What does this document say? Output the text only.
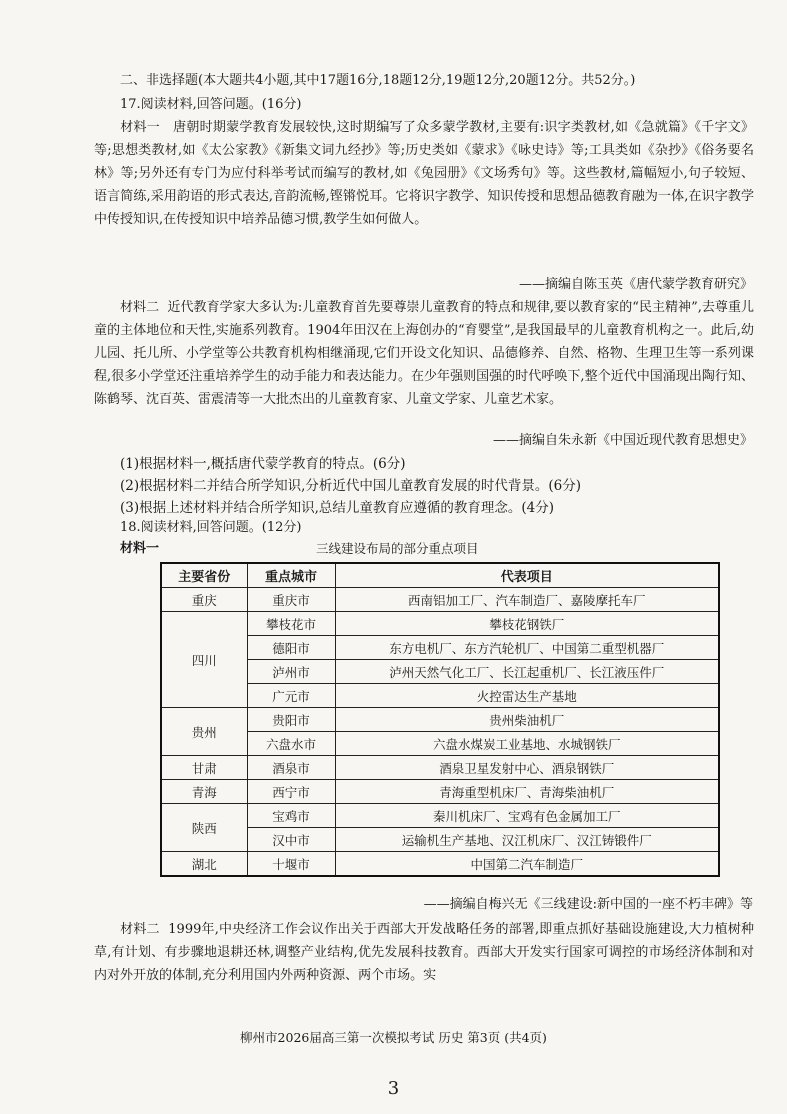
二、非选择题(本大题共4小题,其中17题16分,18题12分,19题12分,20题12分。共52分。)
17.阅读材料,回答问题。(16分)
材料一 唐朝时期蒙学教育发展较快,这时期编写了众多蒙学教材,主要有:识字类教材,如《急就篇》《千字文》等;思想类教材,如《太公家教》《新集文词九经抄》等;历史类如《蒙求》《咏史诗》等;工具类如《杂抄》《俗务要名林》等;另外还有专门为应付科举考试而编写的教材,如《兔园册》《文场秀句》等。这些教材,篇幅短小,句子较短、语言简练,采用韵语的形式表达,音韵流畅,铿锵悦耳。它将识字教学、知识传授和思想品德教育融为一体,在识字教学中传授知识,在传授知识中培养品德习惯,教学生如何做人。
——摘编自陈玉英《唐代蒙学教育研究》
材料二 近代教育学家大多认为:儿童教育首先要尊崇儿童教育的特点和规律,要以教育家的“民主精神”,去尊重儿童的主体地位和天性,实施系列教育。1904年田汉在上海创办的“育婴堂”,是我国最早的儿童教育机构之一。此后,幼儿园、托儿所、小学堂等公共教育机构相继涌现,它们开设文化知识、品德修养、自然、格物、生理卫生等一系列课程,很多小学堂还注重培养学生的动手能力和表达能力。在少年强则国强的时代呼唤下,整个近代中国涌现出陶行知、陈鹤琴、沈百英、雷震清等一大批杰出的儿童教育家、儿童文学家、儿童艺术家。
——摘编自朱永新《中国近现代教育思想史》
(1)根据材料一,概括唐代蒙学教育的特点。(6分)
(2)根据材料二并结合所学知识,分析近代中国儿童教育发展的时代背景。(6分)
(3)根据上述材料并结合所学知识,总结儿童教育应遵循的教育理念。(4分)
18.阅读材料,回答问题。(12分)
材料一	三线建设布局的部分重点项目
主要省份	重点城市	代表项目
重庆	重庆市	西南铝加工厂、汽车制造厂、嘉陵摩托车厂
四川	攀枝花市	攀枝花钢铁厂
	德阳市	东方电机厂、东方汽轮机厂、中国第二重型机器厂
	泸州市	泸州天然气化工厂、长江起重机厂、长江液压件厂
	广元市	火控雷达生产基地
贵州	贵阳市	贵州柴油机厂
	六盘水市	六盘水煤炭工业基地、水城钢铁厂
甘肃	酒泉市	酒泉卫星发射中心、酒泉钢铁厂
青海	西宁市	青海重型机床厂、青海柴油机厂
陕西	宝鸡市	秦川机床厂、宝鸡有色金属加工厂
	汉中市	运输机生产基地、汉江机床厂、汉江铸锻件厂
湖北	十堰市	中国第二汽车制造厂
——摘编自梅兴无《三线建设:新中国的一座不朽丰碑》等
材料二 1999年,中央经济工作会议作出关于西部大开发战略任务的部署,即重点抓好基础设施建设,大力植树种草,有计划、有步骤地退耕还林,调整产业结构,优先发展科技教育。西部大开发实行国家可调控的市场经济体制和对内对外开放的体制,充分利用国内外两种资源、两个市场。实
柳州市2026届高三第一次模拟考试 历史 第3页 (共4页)
3
